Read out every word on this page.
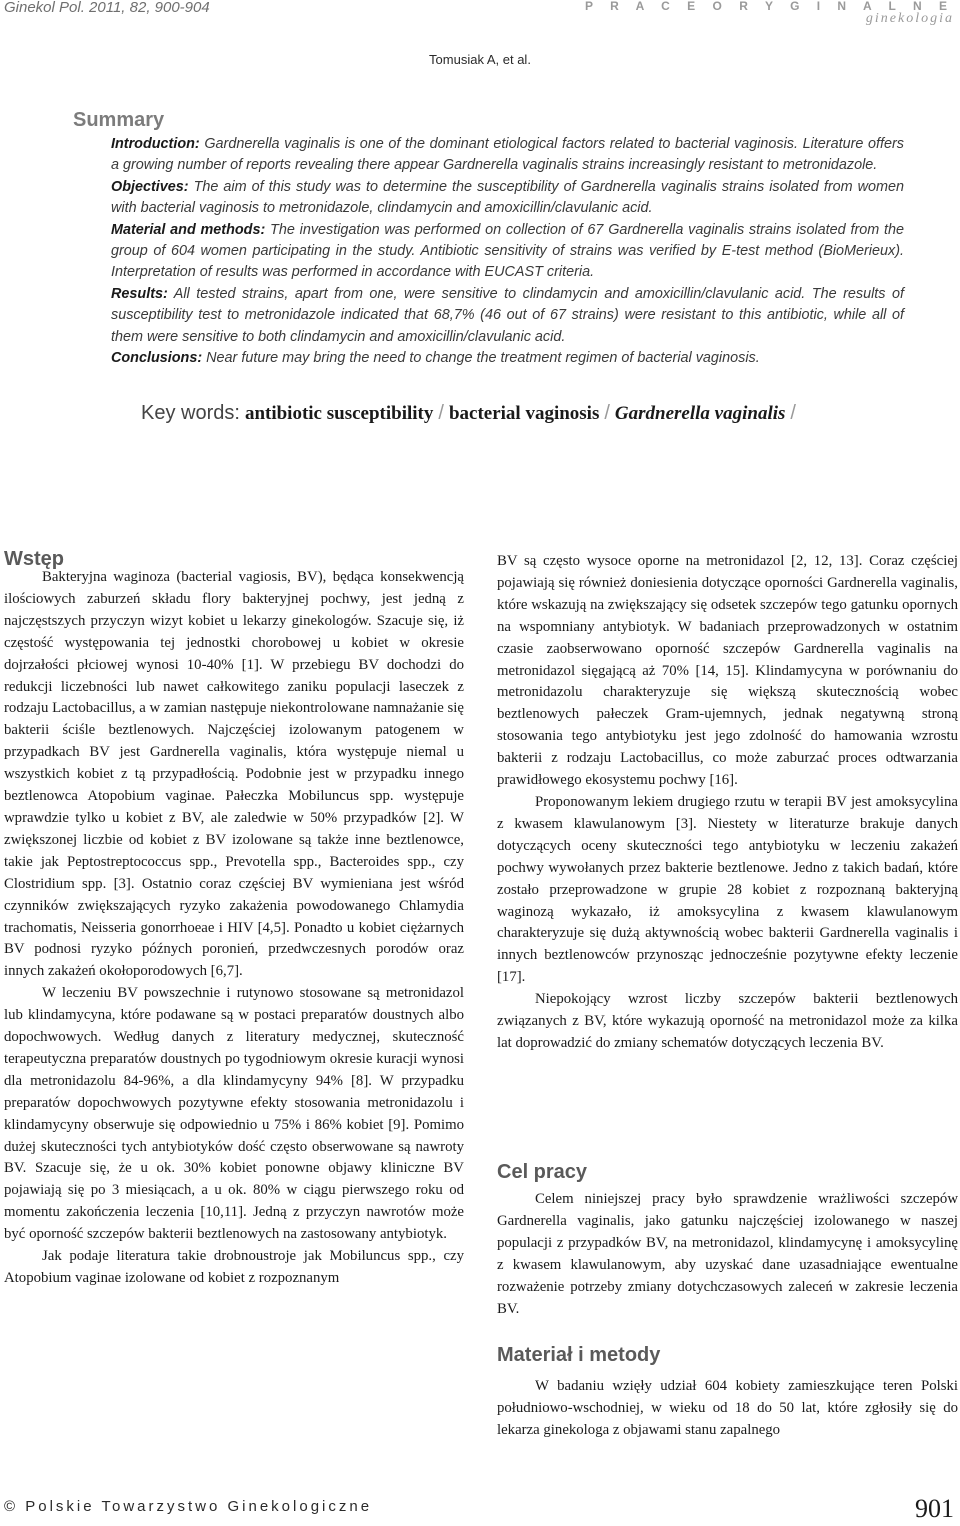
Ginekol Pol. 2011, 82, 900-904	P R A C E O R Y G I N A L N E
ginekologia
Tomusiak A, et al.
Summary

Introduction: Gardnerella vaginalis is one of the dominant etiological factors related to bacterial vaginosis. Literature offers a growing number of reports revealing there appear Gardnerella vaginalis strains increasingly resistant to metronidazole.

Objectives: The aim of this study was to determine the susceptibility of Gardnerella vaginalis strains isolated from women with bacterial vaginosis to metronidazole, clindamycin and amoxicillin/clavulanic acid.

Material and methods: The investigation was performed on collection of 67 Gardnerella vaginalis strains isolated from the group of 604 women participating in the study. Antibiotic sensitivity of strains was verified by E-test method (BioMerieux). Interpretation of results was performed in accordance with EUCAST criteria.

Results: All tested strains, apart from one, were sensitive to clindamycin and amoxicillin/clavulanic acid. The results of susceptibility test to metronidazole indicated that 68,7% (46 out of 67 strains) were resistant to this antibiotic, while all of them were sensitive to both clindamycin and amoxicillin/clavulanic acid.

Conclusions: Near future may bring the need to change the treatment regimen of bacterial vaginosis.

Key words: antibiotic susceptibility / bacterial vaginosis / Gardnerella vaginalis /
Wstęp

Bakteryjna waginoza (bacterial vagiosis, BV), będąca konsekwencją ilościowych zaburzeń składu flory bakteryjnej pochwy, jest jedną z najczęstszych przyczyn wizyt kobiet u lekarzy ginekologów. Szacuje się, iż częstość występowania tej jednostki chorobowej u kobiet w okresie dojrzałości płciowej wynosi 10-40% [1]. W przebiegu BV dochodzi do redukcji liczebności lub nawet całkowitego zaniku populacji laseczek z rodzaju Lactobacillus, a w zamian następuje niekontrolowane namnażanie się bakterii ściśle beztlenowych. Najczęściej izolowanym patogenem w przypadkach BV jest Gardnerella vaginalis, która występuje niemal u wszystkich kobiet z tą przypadłością. Podobnie jest w przypadku innego beztlenowca Atopobium vaginae. Pałeczka Mobiluncus spp. występuje wprawdzie tylko u kobiet z BV, ale zaledwie w 50% przypadków [2]. W zwiększonej liczbie od kobiet z BV izolowane są także inne beztlenowce, takie jak Peptostreptococcus spp., Prevotella spp., Bacteroides spp., czy Clostridium spp. [3]. Ostatnio coraz częściej BV wymieniana jest wśród czynników zwiększających ryzyko zakażenia powodowanego Chlamydia trachomatis, Neisseria gonorrhoeae i HIV [4,5]. Ponadto u kobiet ciężarnych BV podnosi ryzyko późnych poronień, przedwczesnych porodów oraz innych zakażeń okołoporodowych [6,7].

W leczeniu BV powszechnie i rutynowo stosowane są metronidazol lub klindamycyna, które podawane są w postaci preparatów doustnych albo dopochwowych. Według danych z literatury medycznej, skuteczność terapeutyczna preparatów doustnych po tygodniowym okresie kuracji wynosi dla metronidazolu 84-96%, a dla klindamycyny 94% [8]. W przypadku preparatów dopochwowych pozytywne efekty stosowania metronidazolu i klindamycyny obserwuje się odpowiednio u 75% i 86% kobiet [9]. Pomimo dużej skuteczności tych antybiotyków dość często obserwowane są nawroty BV. Szacuje się, że u ok. 30% kobiet ponowne objawy kliniczne BV pojawiają się po 3 miesiącach, a u ok. 80% w ciągu pierwszego roku od momentu zakończenia leczenia [10,11]. Jedną z przyczyn nawrotów może być oporność szczepów bakterii beztlenowych na zastosowany antybiotyk.

Jak podaje literatura takie drobnoustroje jak Mobiluncus spp., czy Atopobium vaginae izolowane od kobiet z rozpoznanym

BV są często wysoce oporne na metronidazol [2, 12, 13]. Coraz częściej pojawiają się również doniesienia dotyczące oporności Gardnerella vaginalis, które wskazują na zwiększający się odsetek szczepów tego gatunku opornych na wspomniany antybiotyk. W badaniach przeprowadzonych w ostatnim czasie zaobserwowano oporność szczepów Gardnerella vaginalis na metronidazol sięgającą aż 70% [14, 15]. Klindamycyna w porównaniu do metronidazolu charakteryzuje się większą skutecznością wobec beztlenowych pałeczek Gram-ujemnych, jednak negatywną stroną stosowania tego antybiotyku jest jego zdolność do hamowania wzrostu bakterii z rodzaju Lactobacillus, co może zaburzać proces odtwarzania prawidłowego ekosystemu pochwy [16].

Proponowanym lekiem drugiego rzutu w terapii BV jest amoksycylina z kwasem klawulanowym [3]. Niestety w literaturze brakuje danych dotyczących oceny skuteczności tego antybiotyku w leczeniu zakażeń pochwy wywołanych przez bakterie beztlenowe. Jedno z takich badań, które zostało przeprowadzone w grupie 28 kobiet z rozpoznaną bakteryjną waginozą wykazało, iż amoksycylina z kwasem klawulanowym charakteryzuje się dużą aktywnością wobec bakterii Gardnerella vaginalis i innych beztlenowców przynosząc jednocześnie pozytywne efekty leczenie [17].

Niepokojący wzrost liczby szczepów bakterii beztlenowych związanych z BV, które wykazują oporność na metronidazol może za kilka lat doprowadzić do zmiany schematów dotyczących leczenia BV.

Cel pracy

Celem niniejszej pracy było sprawdzenie wrażliwości szczepów Gardnerella vaginalis, jako gatunku najczęściej izolowanego w naszej populacji z przypadków BV, na metronidazol, klindamycynę i amoksycylinę z kwasem klawulanowym, aby uzyskać dane uzasadniające ewentualne rozważenie potrzeby zmiany dotychczasowych zaleceń w zakresie leczenia BV.

Materiał i metody

W badaniu wzięły udział 604 kobiety zamieszkujące teren Polski południowo-wschodniej, w wieku od 18 do 50 lat, które zgłosiły się do lekarza ginekologa z objawami stanu zapalnego

© Polskie Towarzystwo Ginekologiczne	901
